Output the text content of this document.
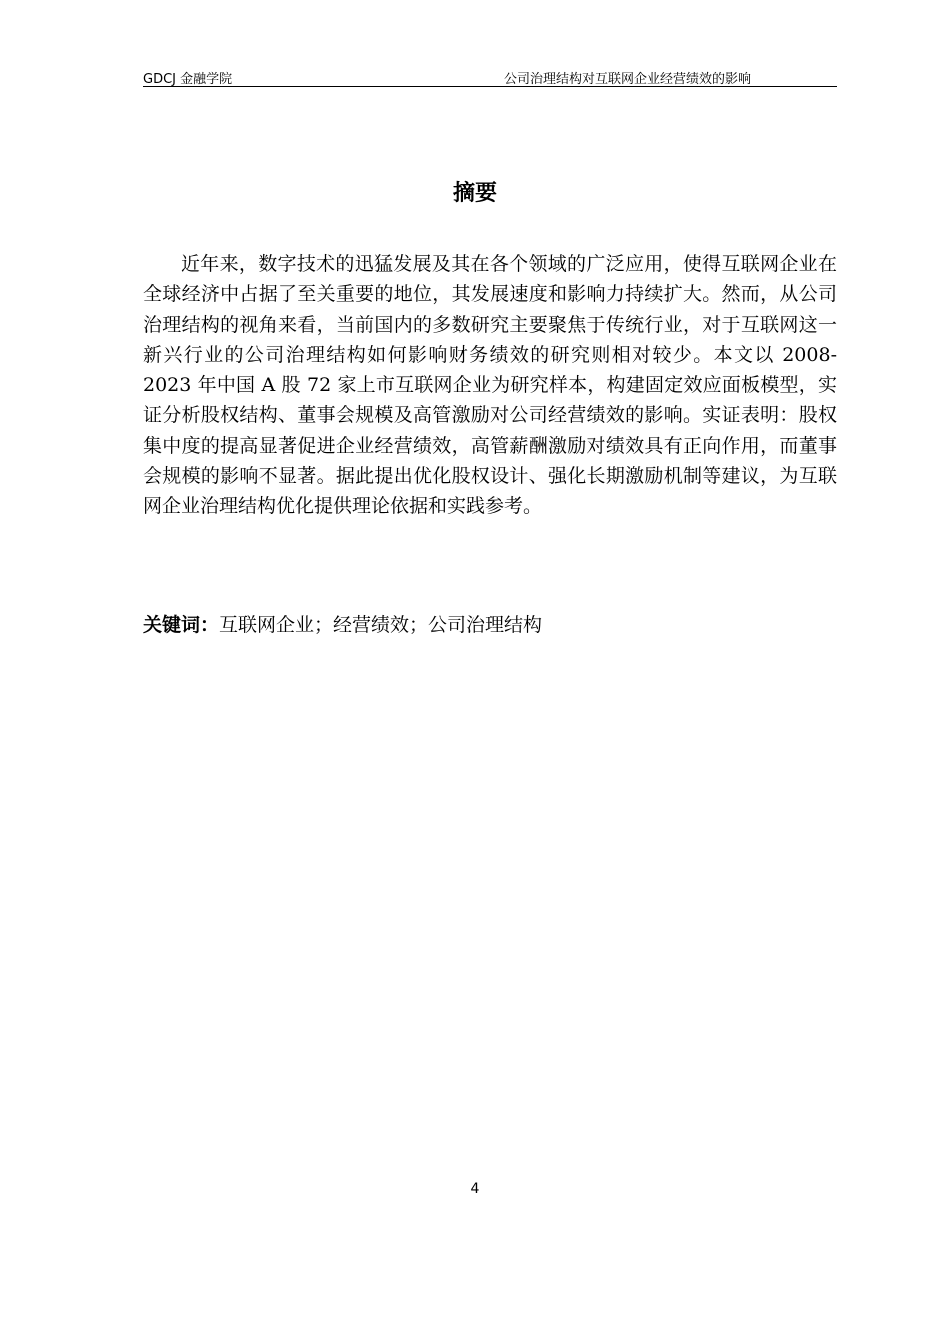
GDCJ 金融学院	公司治理结构对互联网企业经营绩效的影响
摘要

近年来，数字技术的迅猛发展及其在各个领域的广泛应用，使得互联网企业在全球经济中占据了至关重要的地位，其发展速度和影响力持续扩大。然而，从公司治理结构的视角来看，当前国内的多数研究主要聚焦于传统行业，对于互联网这一新兴行业的公司治理结构如何影响财务绩效的研究则相对较少。本文以 2008-2023 年中国 A 股 72 家上市互联网企业为研究样本，构建固定效应面板模型，实证分析股权结构、董事会规模及高管激励对公司经营绩效的影响。实证表明：股权集中度的提高显著促进企业经营绩效，高管薪酬激励对绩效具有正向作用，而董事会规模的影响不显著。据此提出优化股权设计、强化长期激励机制等建议，为互联网企业治理结构优化提供理论依据和实践参考。

关键词：互联网企业；经营绩效；公司治理结构
4
